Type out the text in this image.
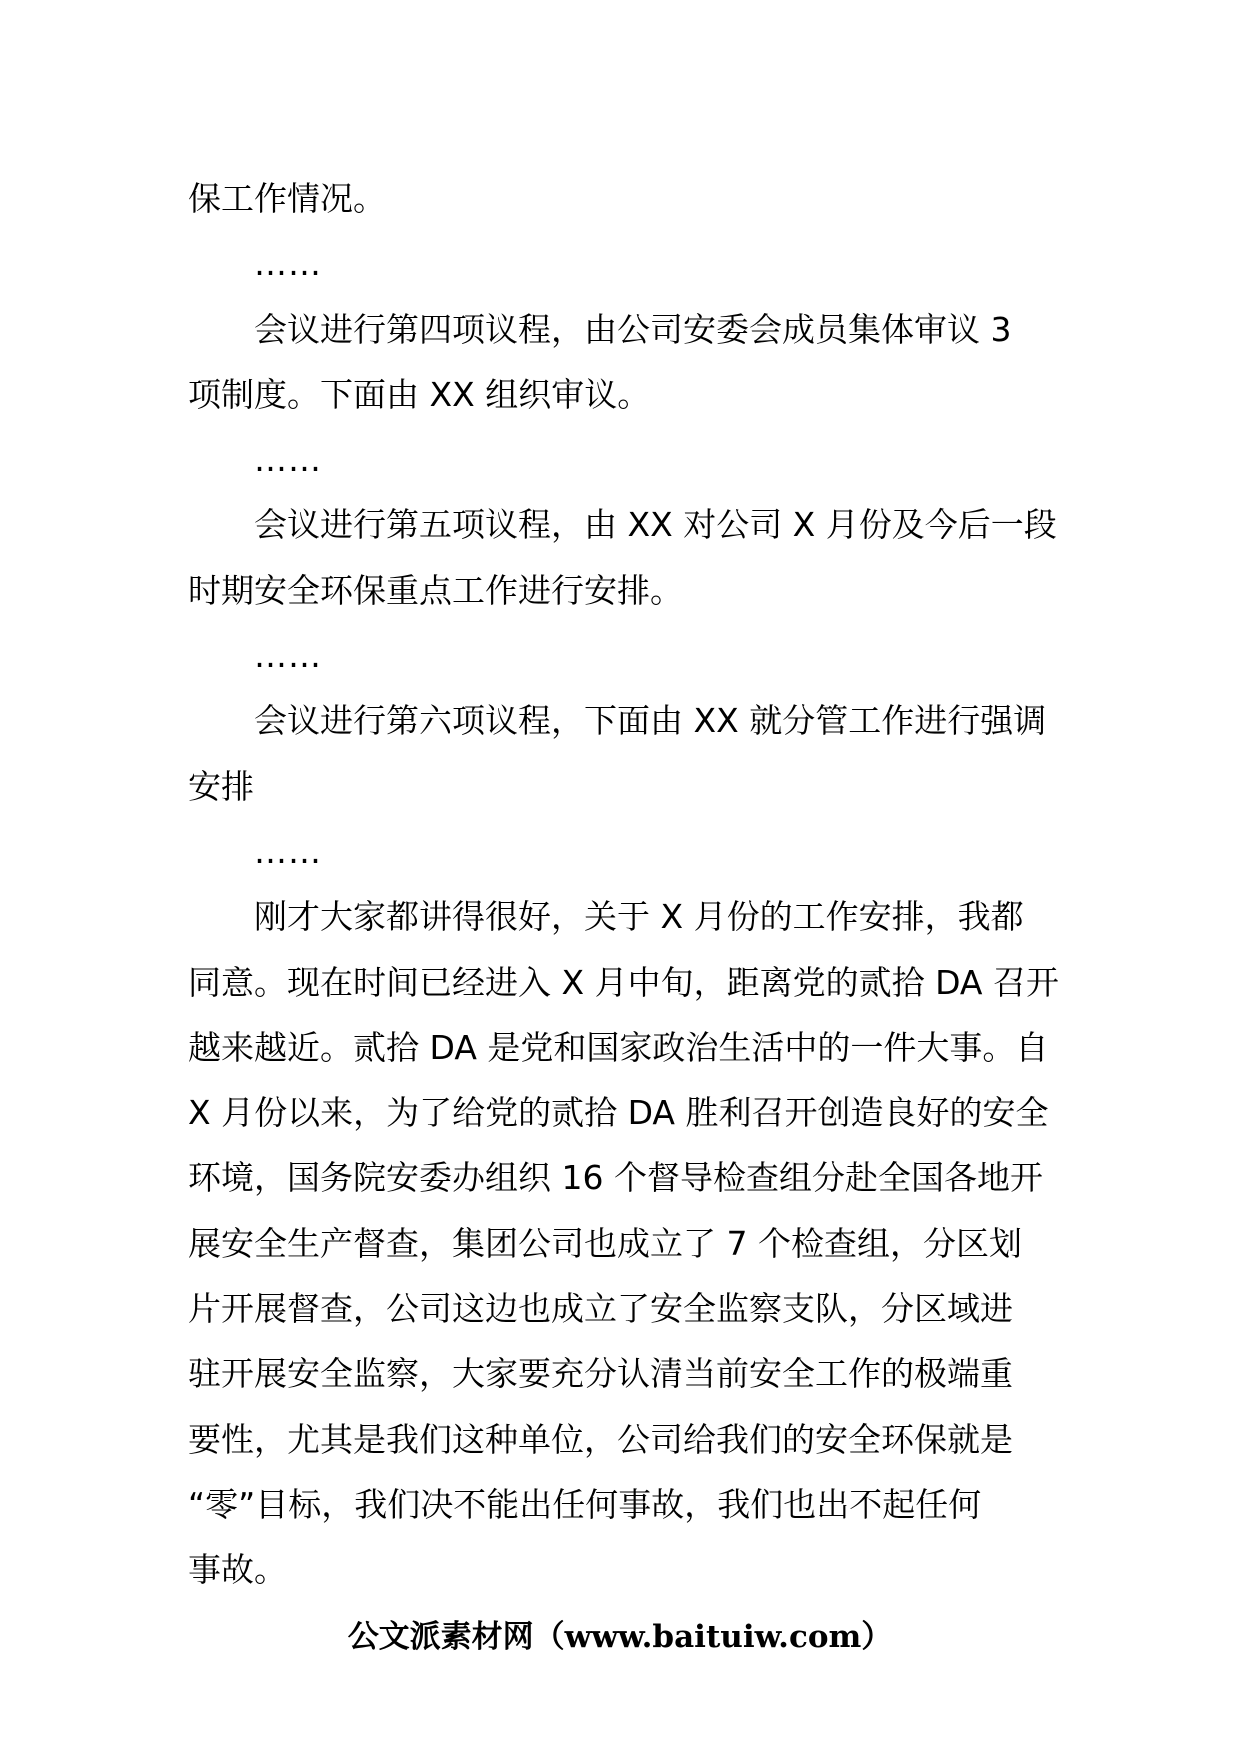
保工作情况。
……
会议进行第四项议程，由公司安委会成员集体审议 3
项制度。下面由 XX 组织审议。
……
会议进行第五项议程，由 XX 对公司 X 月份及今后一段
时期安全环保重点工作进行安排。
……
会议进行第六项议程，下面由 XX 就分管工作进行强调
安排
……
刚才大家都讲得很好，关于 X 月份的工作安排，我都
同意。现在时间已经进入 X 月中旬，距离党的贰拾 DA 召开
越来越近。贰拾 DA 是党和国家政治生活中的一件大事。自
X 月份以来，为了给党的贰拾 DA 胜利召开创造良好的安全
环境，国务院安委办组织 16 个督导检查组分赴全国各地开
展安全生产督查，集团公司也成立了 7 个检查组，分区划
片开展督查，公司这边也成立了安全监察支队，分区域进
驻开展安全监察，大家要充分认清当前安全工作的极端重
要性，尤其是我们这种单位，公司给我们的安全环保就是
“零”目标，我们决不能出任何事故，我们也出不起任何
事故。
公文派素材网（www.baituiw.com）
